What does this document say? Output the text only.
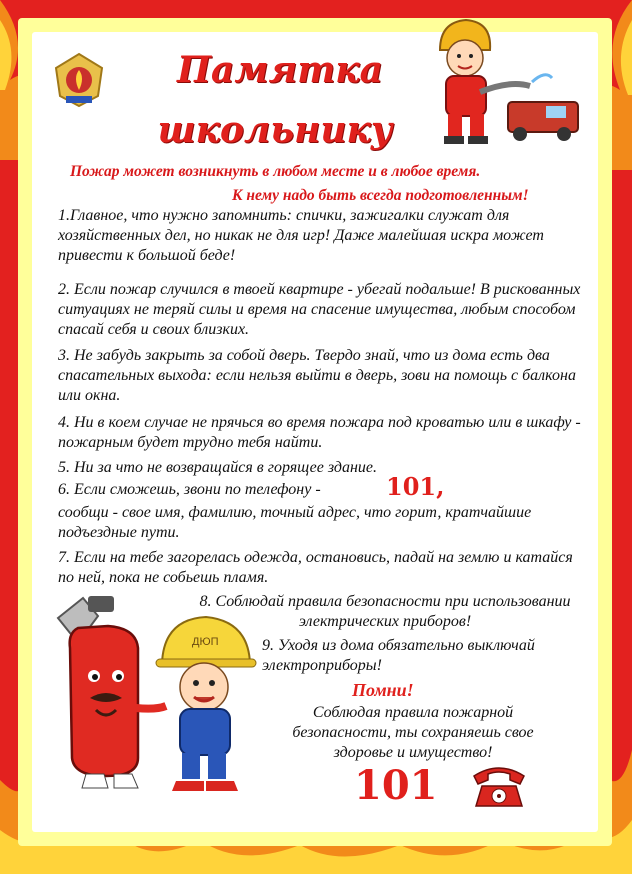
Памятка
школьнику
Пожар может возникнуть в любом месте и в любое время.
К нему надо быть всегда подготовленным!
1.Главное, что нужно запомнить: спички, зажигалки служат для хозяйственных дел, но никак не для игр! Даже малейшая искра может привести к большой беде!
2. Если пожар случился в твоей квартире - убегай подальше! В рискованных ситуациях не теряй силы и время на спасение имущества, любым способом спасай себя и своих близких.
3. Не забудь закрыть за собой дверь. Твердо знай, что из дома есть два спасательных выхода: если нельзя выйти в дверь, зови на помощь с балкона или окна.
4. Ни в коем случае не прячься во время пожара под кроватью или в шкафу - пожарным будет трудно тебя найти.
5. Ни за что не возвращайся в горящее здание.
6. Если сможешь, звони по телефону -	101,
сообщи - свое имя, фамилию, точный адрес, что горит, кратчайшие подъездные пути.
7. Если на тебе загорелась одежда, остановись, падай на землю и катайся по ней, пока не собьешь пламя.
8. Соблюдай правила безопасности при использовании электрических приборов!
9. Уходя из дома обязательно выключай электроприборы!
ДЮП
Помни!
Соблюдая правила пожарной безопасности, ты сохраняешь свое здоровье и имущество!
101
